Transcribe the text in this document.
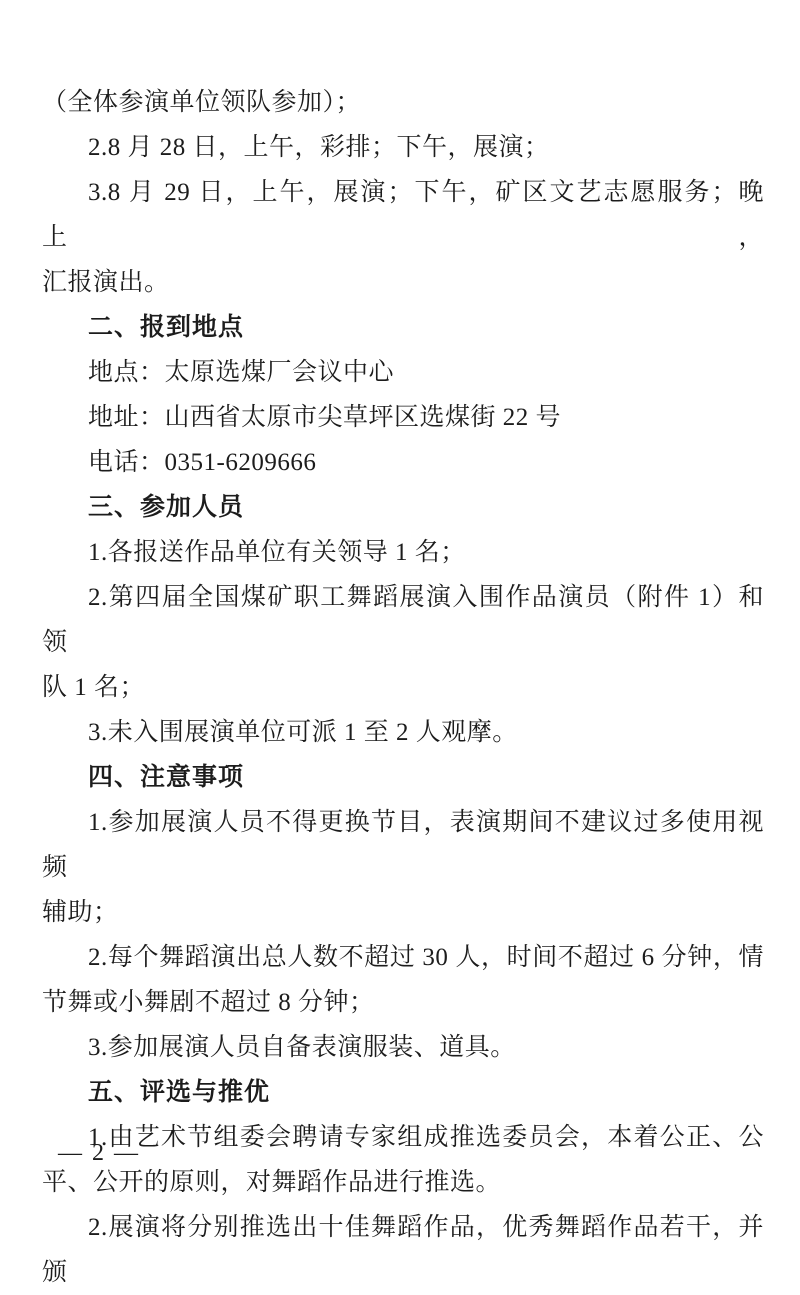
（全体参演单位领队参加）；

2.8 月 28 日，上午，彩排；下午，展演；

3.8 月 29 日，上午，展演；下午，矿区文艺志愿服务；晚上，

汇报演出。

二、报到地点

地点：太原选煤厂会议中心

地址：山西省太原市尖草坪区选煤街 22 号

电话：0351-6209666

三、参加人员

1.各报送作品单位有关领导 1 名；

2.第四届全国煤矿职工舞蹈展演入围作品演员（附件 1）和领

队 1 名；

3.未入围展演单位可派 1 至 2 人观摩。

四、注意事项

1.参加展演人员不得更换节目，表演期间不建议过多使用视频

辅助；

2.每个舞蹈演出总人数不超过 30 人，时间不超过 6 分钟，情

节舞或小舞剧不超过 8 分钟；

3.参加展演人员自备表演服装、道具。

五、评选与推优

1.由艺术节组委会聘请专家组成推选委员会，本着公正、公

平、公开的原则，对舞蹈作品进行推选。

2.展演将分别推选出十佳舞蹈作品，优秀舞蹈作品若干，并颁

— 2 —
